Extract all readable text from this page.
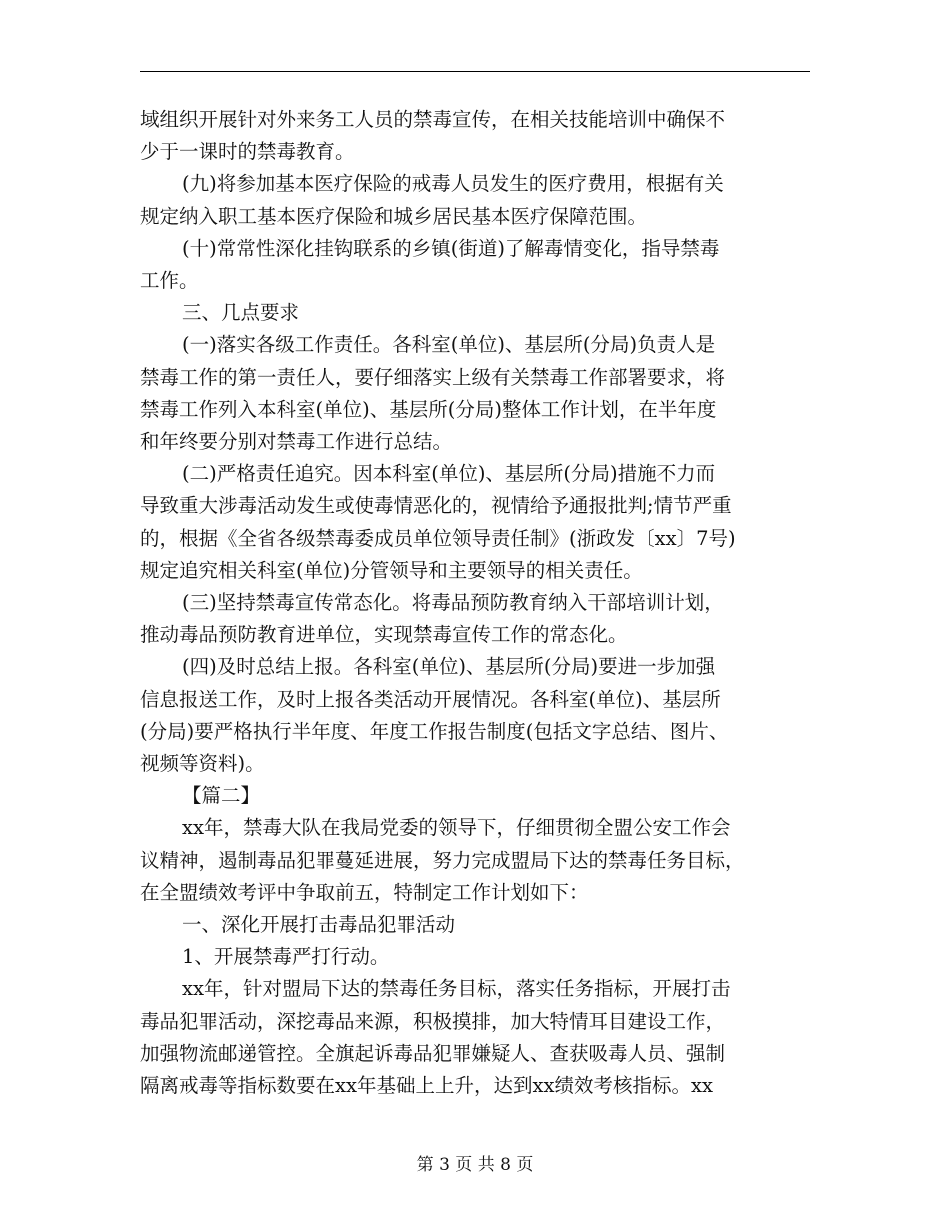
域组织开展针对外来务工人员的禁毒宣传，在相关技能培训中确保不

少于一课时的禁毒教育。

(九)将参加基本医疗保险的戒毒人员发生的医疗费用，根据有关

规定纳入职工基本医疗保险和城乡居民基本医疗保障范围。

(十)常常性深化挂钩联系的乡镇(街道)了解毒情变化，指导禁毒

工作。

三、几点要求

(一)落实各级工作责任。各科室(单位)、基层所(分局)负责人是

禁毒工作的第一责任人，要仔细落实上级有关禁毒工作部署要求，将

禁毒工作列入本科室(单位)、基层所(分局)整体工作计划，在半年度

和年终要分别对禁毒工作进行总结。

(二)严格责任追究。因本科室(单位)、基层所(分局)措施不力而

导致重大涉毒活动发生或使毒情恶化的，视情给予通报批判;情节严重

的，根据《全省各级禁毒委成员单位领导责任制》(浙政发〔xx〕7号)

规定追究相关科室(单位)分管领导和主要领导的相关责任。

(三)坚持禁毒宣传常态化。将毒品预防教育纳入干部培训计划，

推动毒品预防教育进单位，实现禁毒宣传工作的常态化。

(四)及时总结上报。各科室(单位)、基层所(分局)要进一步加强

信息报送工作，及时上报各类活动开展情况。各科室(单位)、基层所

(分局)要严格执行半年度、年度工作报告制度(包括文字总结、图片、

视频等资料)。

【篇二】

xx年，禁毒大队在我局党委的领导下，仔细贯彻全盟公安工作会

议精神，遏制毒品犯罪蔓延进展，努力完成盟局下达的禁毒任务目标，

在全盟绩效考评中争取前五，特制定工作计划如下：

一、深化开展打击毒品犯罪活动

1、开展禁毒严打行动。

xx年，针对盟局下达的禁毒任务目标，落实任务指标，开展打击

毒品犯罪活动，深挖毒品来源，积极摸排，加大特情耳目建设工作，

加强物流邮递管控。全旗起诉毒品犯罪嫌疑人、查获吸毒人员、强制

隔离戒毒等指标数要在xx年基础上上升，达到xx绩效考核指标。xx

第 3 页 共 8 页
